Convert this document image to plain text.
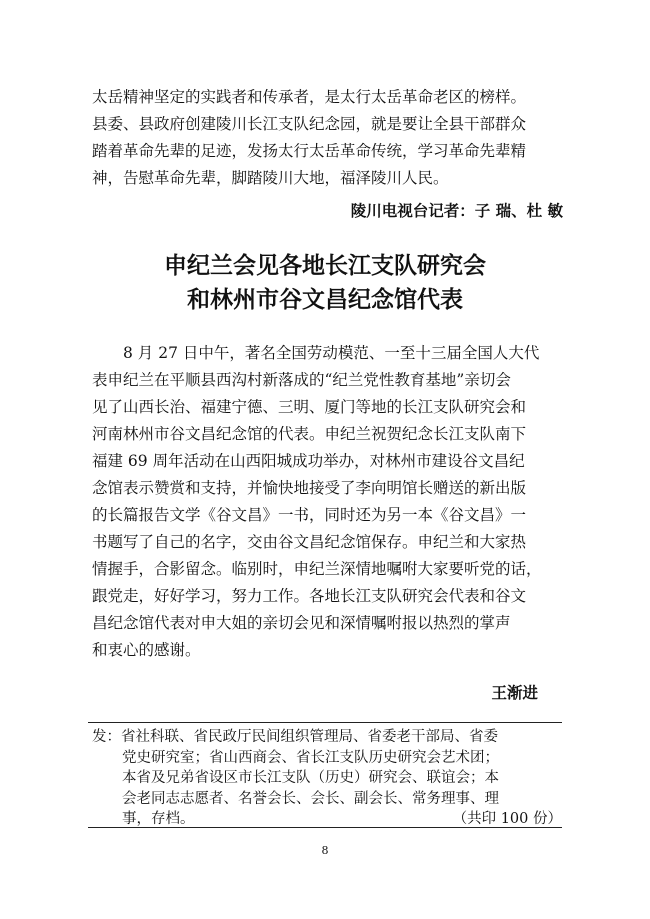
太岳精神坚定的实践者和传承者，是太行太岳革命老区的榜样。

县委、县政府创建陵川长江支队纪念园，就是要让全县干部群众

踏着革命先辈的足迹，发扬太行太岳革命传统，学习革命先辈精

神，告慰革命先辈，脚踏陵川大地，福泽陵川人民。

陵川电视台记者：子 瑞、杜 敏
申纪兰会见各地长江支队研究会
和林州市谷文昌纪念馆代表

　　8 月 27 日中午，著名全国劳动模范、一至十三届全国人大代

表申纪兰在平顺县西沟村新落成的“纪兰党性教育基地”亲切会

见了山西长治、福建宁德、三明、厦门等地的长江支队研究会和

河南林州市谷文昌纪念馆的代表。申纪兰祝贺纪念长江支队南下

福建 69 周年活动在山西阳城成功举办，对林州市建设谷文昌纪

念馆表示赞赏和支持，并愉快地接受了李向明馆长赠送的新出版

的长篇报告文学《谷文昌》一书，同时还为另一本《谷文昌》一

书题写了自己的名字，交由谷文昌纪念馆保存。申纪兰和大家热

情握手，合影留念。临别时，申纪兰深情地嘱咐大家要听党的话，

跟党走，好好学习，努力工作。各地长江支队研究会代表和谷文

昌纪念馆代表对申大姐的亲切会见和深情嘱咐报以热烈的掌声

和衷心的感谢。

王渐进

发：省社科联、省民政厅民间组织管理局、省委老干部局、省委

党史研究室；省山西商会、省长江支队历史研究会艺术团；

本省及兄弟省设区市长江支队（历史）研究会、联谊会；本

会老同志志愿者、名誉会长、会长、副会长、常务理事、理

事，存档。	（共印 100 份）

8
